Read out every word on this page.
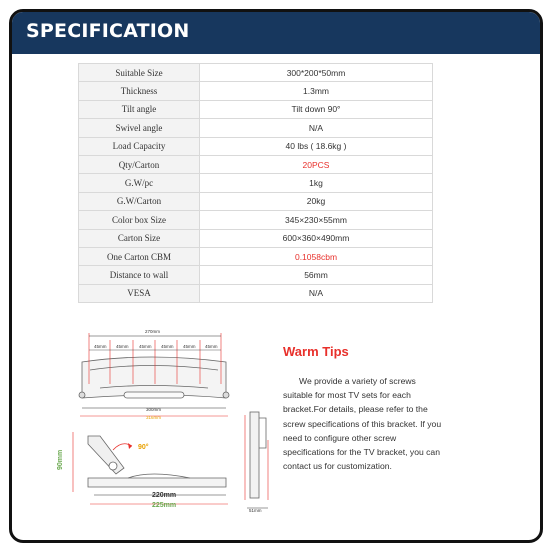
SPECIFICATION
Suitable Size	300*200*50mm
Thickness	1.3mm
Tilt angle	Tilt down 90°
Swivel angle	N/A
Load Capacity	40 lbs ( 18.6kg )
Qty/Carton	20PCS
G.W/pc	1kg
G.W/Carton	20kg
Color box Size	345×230×55mm
Carton Size	600×360×490mm
One Carton CBM	0.1058cbm
Distance to wall	56mm
VESA	N/A
270mm
45mm 45mm 45mm 45mm 45mm 45mm
300mm
316mm
90mm
90°
220mm
225mm
51mm
Warm Tips
We provide a variety of screws suitable for most TV sets for each bracket.For details, please refer to the screw specifications of this bracket. If you need to configure other screw specifications for the TV bracket, you can contact us for customization.
